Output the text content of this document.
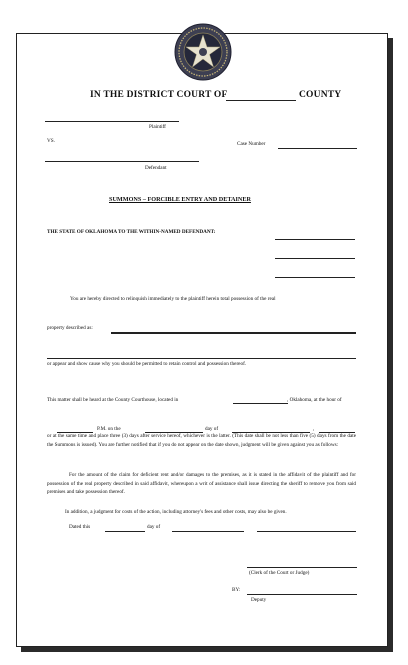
IN THE DISTRICT COURT OF	COUNTY
Plaintiff
VS.	Case Number
Defendant
SUMMONS – FORCIBLE ENTRY AND DETAINER
THE STATE OF OKLAHOMA TO THE WITHIN-NAMED DEFENDANT:
You are hereby directed to relinquish immediately to the plaintiff herein total possession of the real
property described as:
or appear and show cause why you should be permitted to retain control and possession thereof.
This matter shall be heard at the County Courthouse, located in	, Oklahoma, at the hour of
P.M. on the	day of	,
or at the same time and place three (3) days after service hereof, whichever is the latter. (This date shall be not less than five (5) days from the date the Summons is issued). You are further notified that if you do not appear on the date shown, judgment will be given against you as follows:
For the amount of the claim for deficient rent and/or damages to the premises, as it is stated in the affidavit of the plaintiff and for possession of the real property described in said affidavit, whereupon a writ of assistance shall issue directing the sheriff to remove you from said premises and take possession thereof.
In addition, a judgment for costs of the action, including attorney's fees and other costs, may also be given.
Dated this	day of
(Clerk of the Court or Judge)
BY:
Deputy
